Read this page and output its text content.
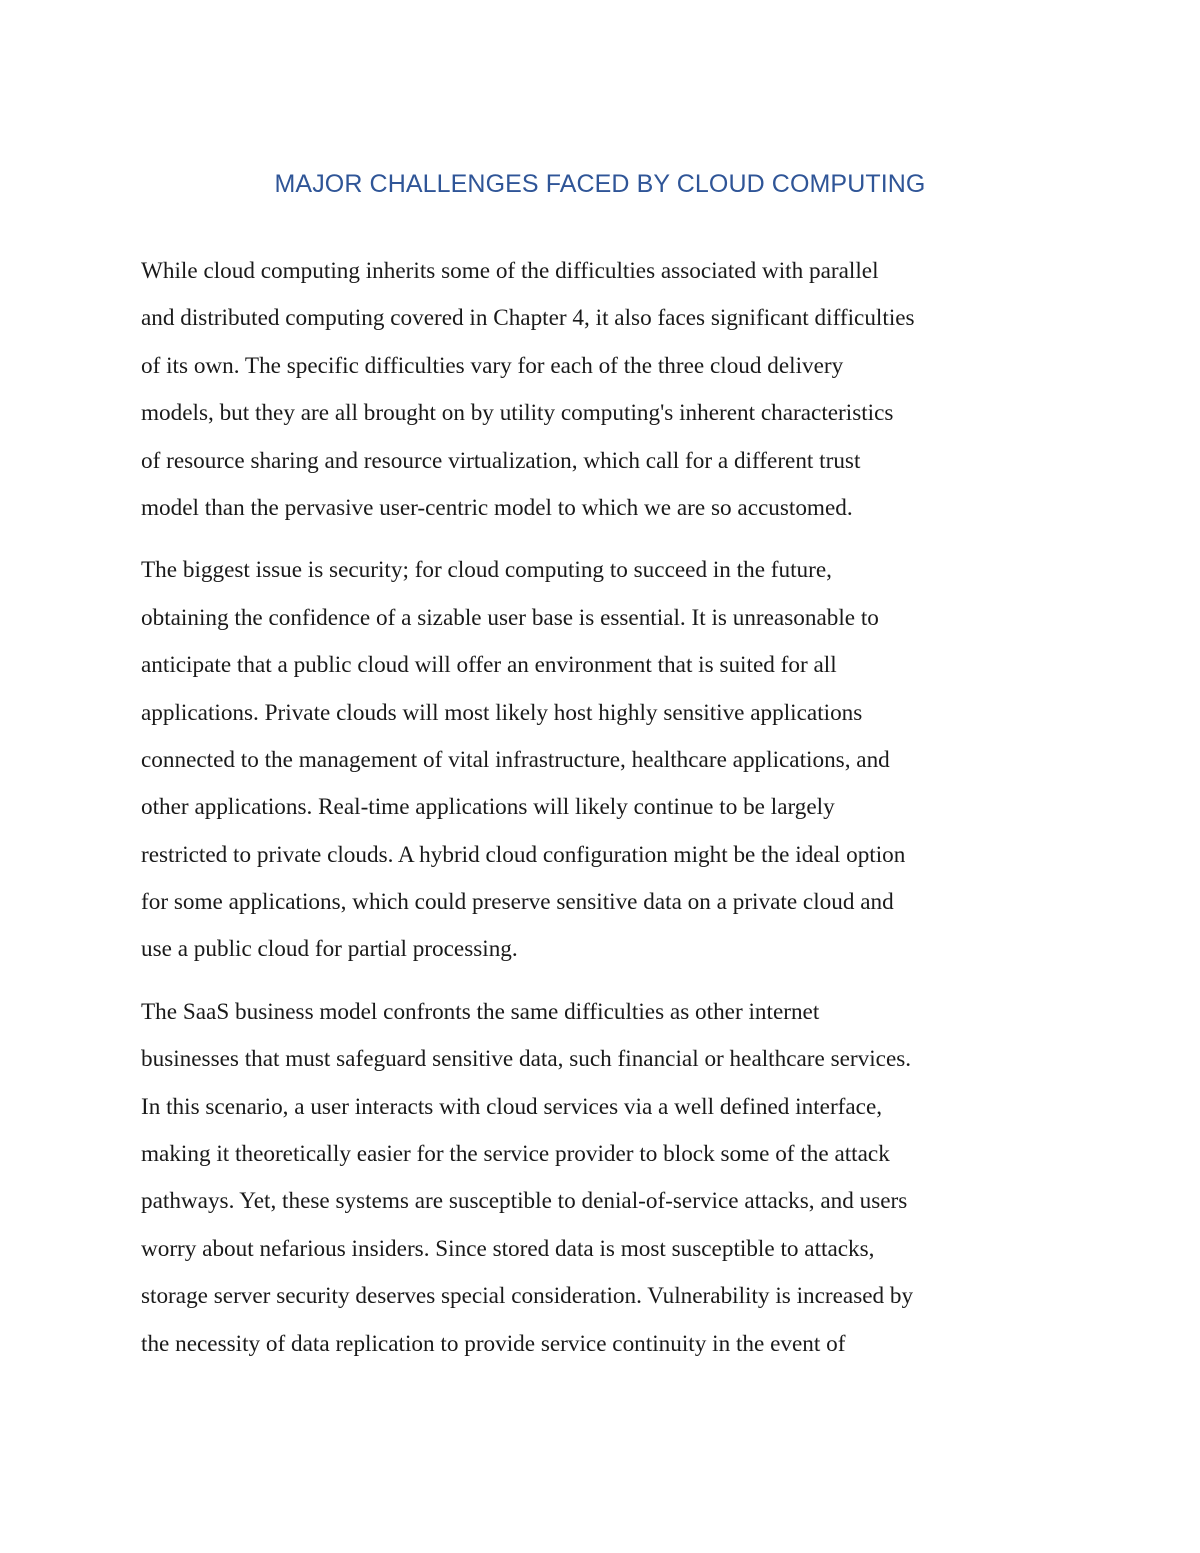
MAJOR CHALLENGES FACED BY CLOUD COMPUTING
While cloud computing inherits some of the difficulties associated with parallel
and distributed computing covered in Chapter 4, it also faces significant difficulties
of its own. The specific difficulties vary for each of the three cloud delivery
models, but they are all brought on by utility computing's inherent characteristics
of resource sharing and resource virtualization, which call for a different trust
model than the pervasive user-centric model to which we are so accustomed.
The biggest issue is security; for cloud computing to succeed in the future,
obtaining the confidence of a sizable user base is essential. It is unreasonable to
anticipate that a public cloud will offer an environment that is suited for all
applications. Private clouds will most likely host highly sensitive applications
connected to the management of vital infrastructure, healthcare applications, and
other applications. Real-time applications will likely continue to be largely
restricted to private clouds. A hybrid cloud configuration might be the ideal option
for some applications, which could preserve sensitive data on a private cloud and
use a public cloud for partial processing.
The SaaS business model confronts the same difficulties as other internet
businesses that must safeguard sensitive data, such financial or healthcare services.
In this scenario, a user interacts with cloud services via a well defined interface,
making it theoretically easier for the service provider to block some of the attack
pathways. Yet, these systems are susceptible to denial-of-service attacks, and users
worry about nefarious insiders. Since stored data is most susceptible to attacks,
storage server security deserves special consideration. Vulnerability is increased by
the necessity of data replication to provide service continuity in the event of
